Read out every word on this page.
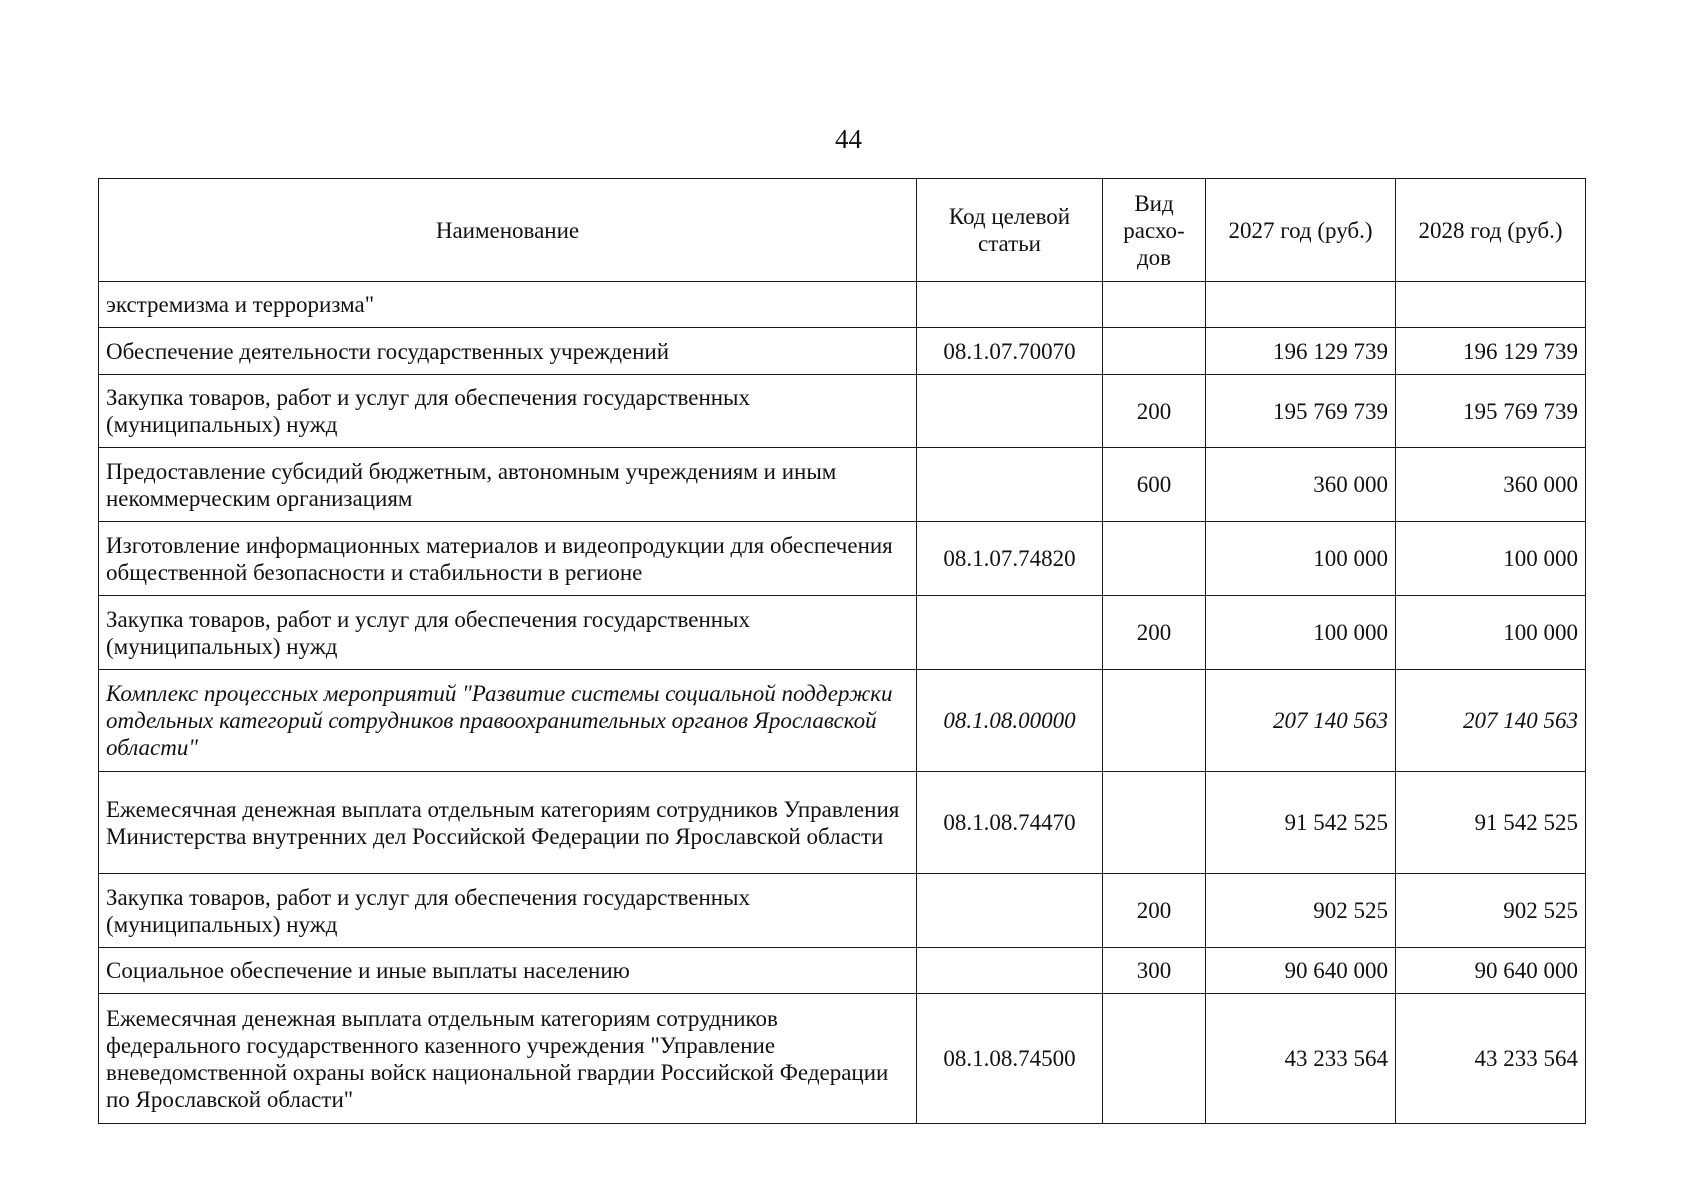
44
Наименование	Код целевой статьи	Вид расхо-дов	2027 год (руб.)	2028 год (руб.)
экстремизма и терроризма"				
Обеспечение деятельности государственных учреждений	08.1.07.70070		196 129 739	196 129 739
Закупка товаров, работ и услуг для обеспечения государственных (муниципальных) нужд		200	195 769 739	195 769 739
Предоставление субсидий бюджетным, автономным учреждениям и иным некоммерческим организациям		600	360 000	360 000
Изготовление информационных материалов и видеопродукции для обеспечения общественной безопасности и стабильности в регионе	08.1.07.74820		100 000	100 000
Закупка товаров, работ и услуг для обеспечения государственных (муниципальных) нужд		200	100 000	100 000
Комплекс процессных мероприятий "Развитие системы социальной поддержки отдельных категорий сотрудников правоохранительных органов Ярославской области"	08.1.08.00000		207 140 563	207 140 563
Ежемесячная денежная выплата отдельным категориям сотрудников Управления Министерства внутренних дел Российской Федерации по Ярославской области	08.1.08.74470		91 542 525	91 542 525
Закупка товаров, работ и услуг для обеспечения государственных (муниципальных) нужд		200	902 525	902 525
Социальное обеспечение и иные выплаты населению		300	90 640 000	90 640 000
Ежемесячная денежная выплата отдельным категориям сотрудников федерального государственного казенного учреждения "Управление вневедомственной охраны войск национальной гвардии Российской Федерации по Ярославской области"	08.1.08.74500		43 233 564	43 233 564
